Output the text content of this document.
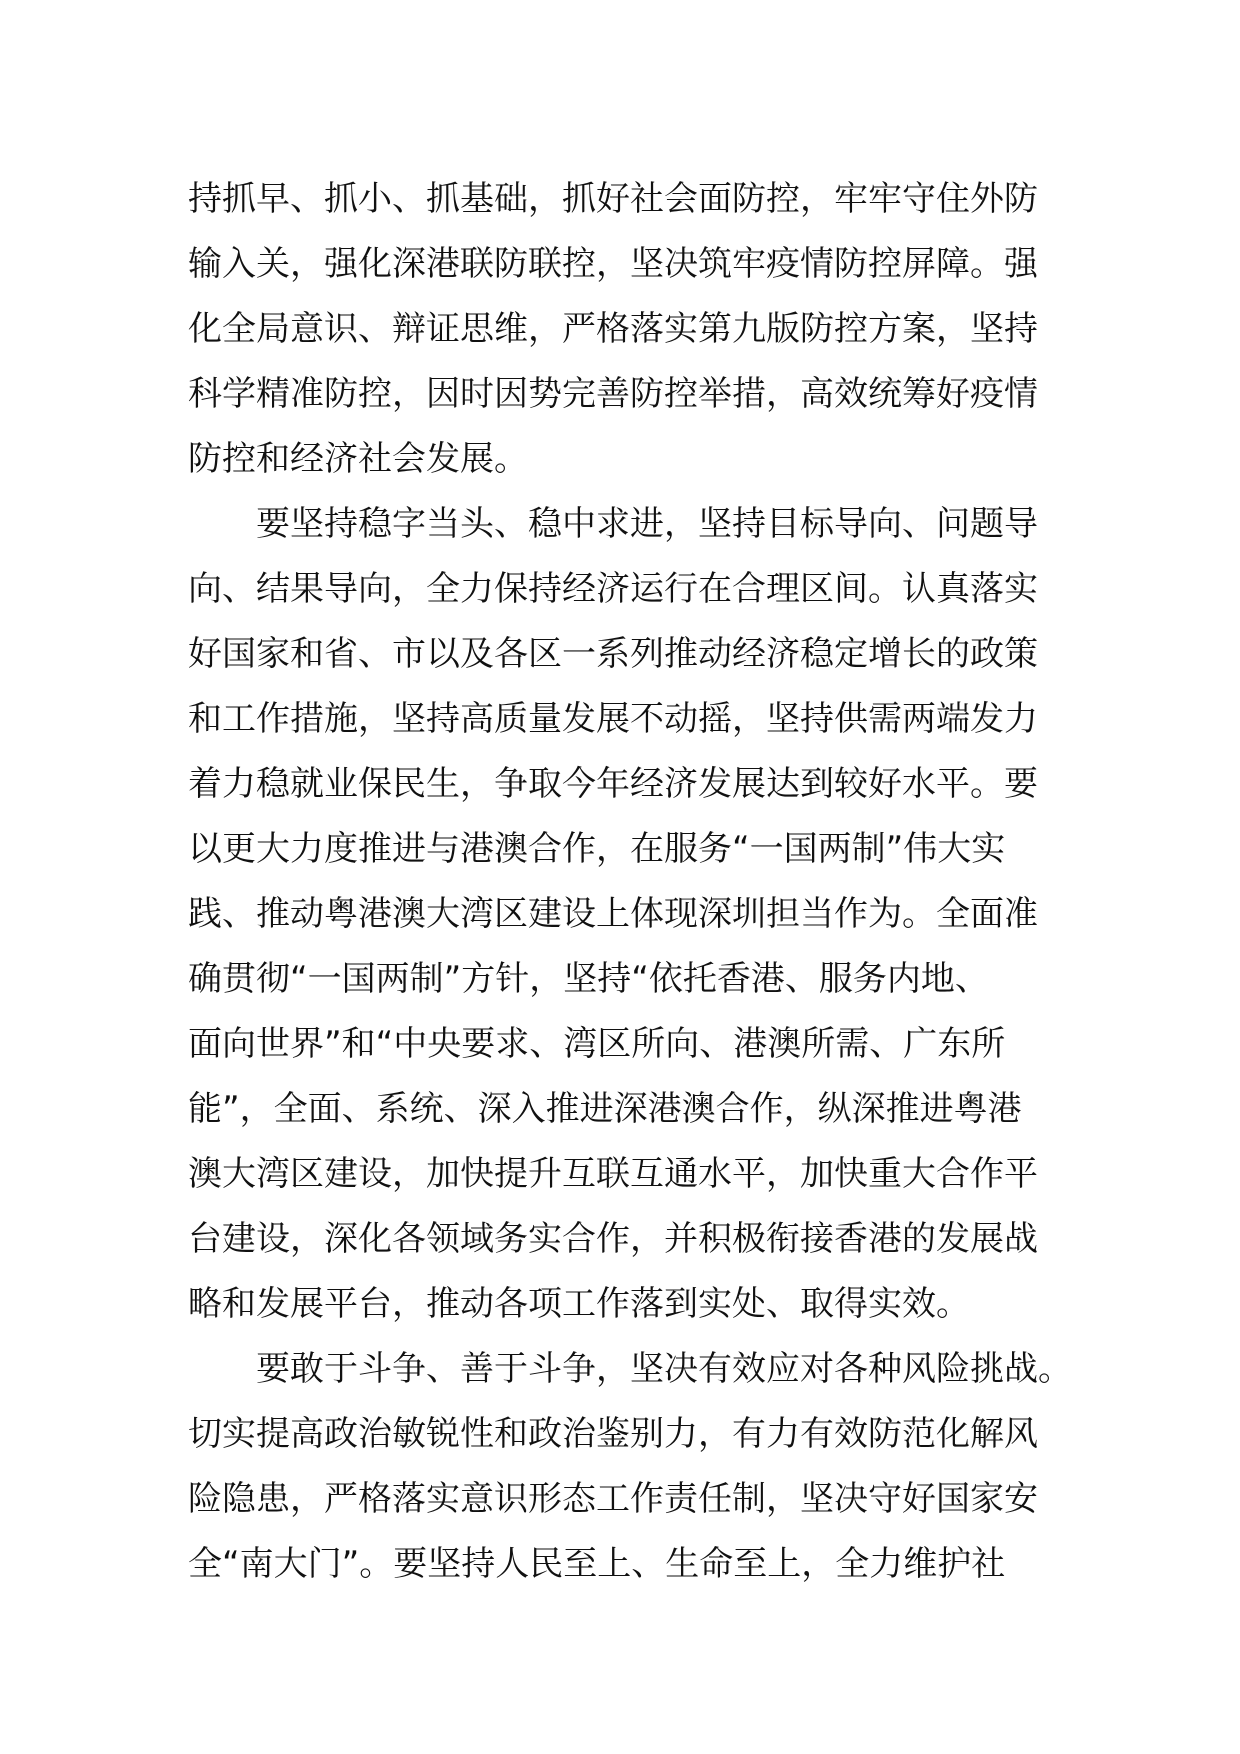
持抓早、抓小、抓基础，抓好社会面防控，牢牢守住外防
输入关，强化深港联防联控，坚决筑牢疫情防控屏障。强
化全局意识、辩证思维，严格落实第九版防控方案，坚持
科学精准防控，因时因势完善防控举措，高效统筹好疫情
防控和经济社会发展。
　　要坚持稳字当头、稳中求进，坚持目标导向、问题导
向、结果导向，全力保持经济运行在合理区间。认真落实
好国家和省、市以及各区一系列推动经济稳定增长的政策
和工作措施，坚持高质量发展不动摇，坚持供需两端发力
着力稳就业保民生，争取今年经济发展达到较好水平。要
以更大力度推进与港澳合作，在服务“一国两制”伟大实
践、推动粤港澳大湾区建设上体现深圳担当作为。全面准
确贯彻“一国两制”方针，坚持“依托香港、服务内地、
面向世界”和“中央要求、湾区所向、港澳所需、广东所
能”，全面、系统、深入推进深港澳合作，纵深推进粤港
澳大湾区建设，加快提升互联互通水平，加快重大合作平
台建设，深化各领域务实合作，并积极衔接香港的发展战
略和发展平台，推动各项工作落到实处、取得实效。
　　要敢于斗争、善于斗争，坚决有效应对各种风险挑战。
切实提高政治敏锐性和政治鉴别力，有力有效防范化解风
险隐患，严格落实意识形态工作责任制，坚决守好国家安
全“南大门”。要坚持人民至上、生命至上，全力维护社
